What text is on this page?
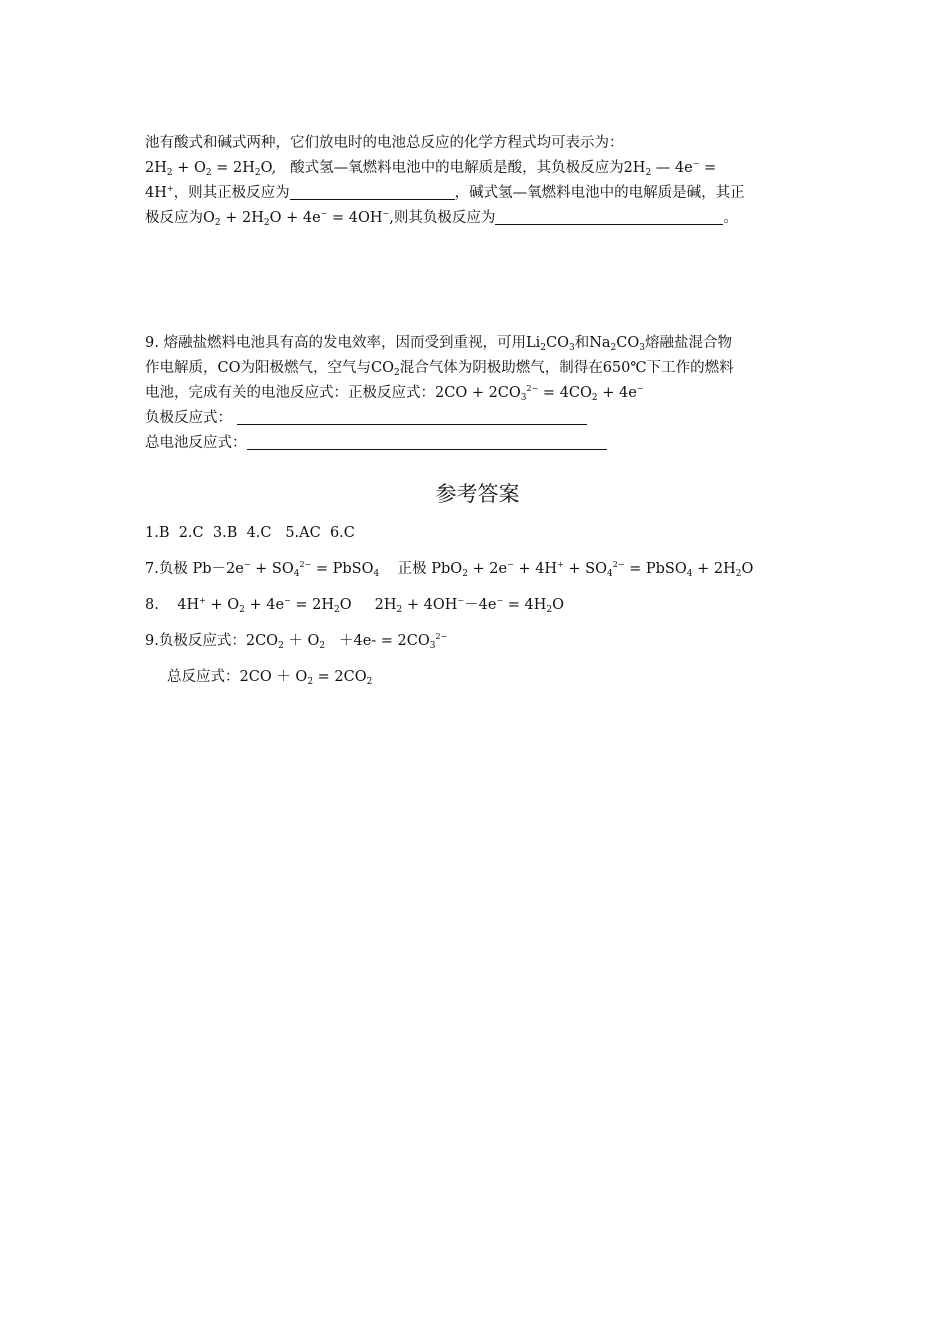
池有酸式和碱式两种，它们放电时的电池总反应的化学方程式均可表示为：
$2H_2 + O_2 = 2H_2O$,   酸式氢—氧燃料电池中的电解质是酸，其负极反应为$2H_2$ — 4e− =
4H+，则其正极反应为	，碱式氢—氧燃料电池中的电解质是碱，其正
极反应为$O_2 + 2H_2O + 4e^- = 4OH^-$,则其负极反应为	。
9. 熔融盐燃料电池具有高的发电效率，因而受到重视，可用$Li_2CO_3$和$Na_2CO_3$熔融盐混合物
作电解质，CO为阳极燃气，空气与$CO_2$混合气体为阴极助燃气，制得在650℃下工作的燃料
电池，完成有关的电池反应式：正极反应式：$2CO + 2CO_3^{2-} = 4CO_2 + 4e^-$
负极反应式：
总电池反应式：
参考答案
1.B  2.C  3.B  4.C   5.AC  6.C
7.负极 $Pb-2e^- + SO_4^{2-}$ = PbSO$_4$ 正极 $PbO_2 + 2e^- + 4H^+ + SO_4^{2-}$ = PbSO$_4$ + $2H_2O$
8.    $4H^+ + O_2 + 4e^- = 2H_2O$     $2H_2 + 4OH^--4e^- = 4H_2O$
9.负极反应式：$2CO_2 + O_2 +4e- = 2CO_3^{2-}$
总反应式：$2CO + O_2 = 2CO_2$
